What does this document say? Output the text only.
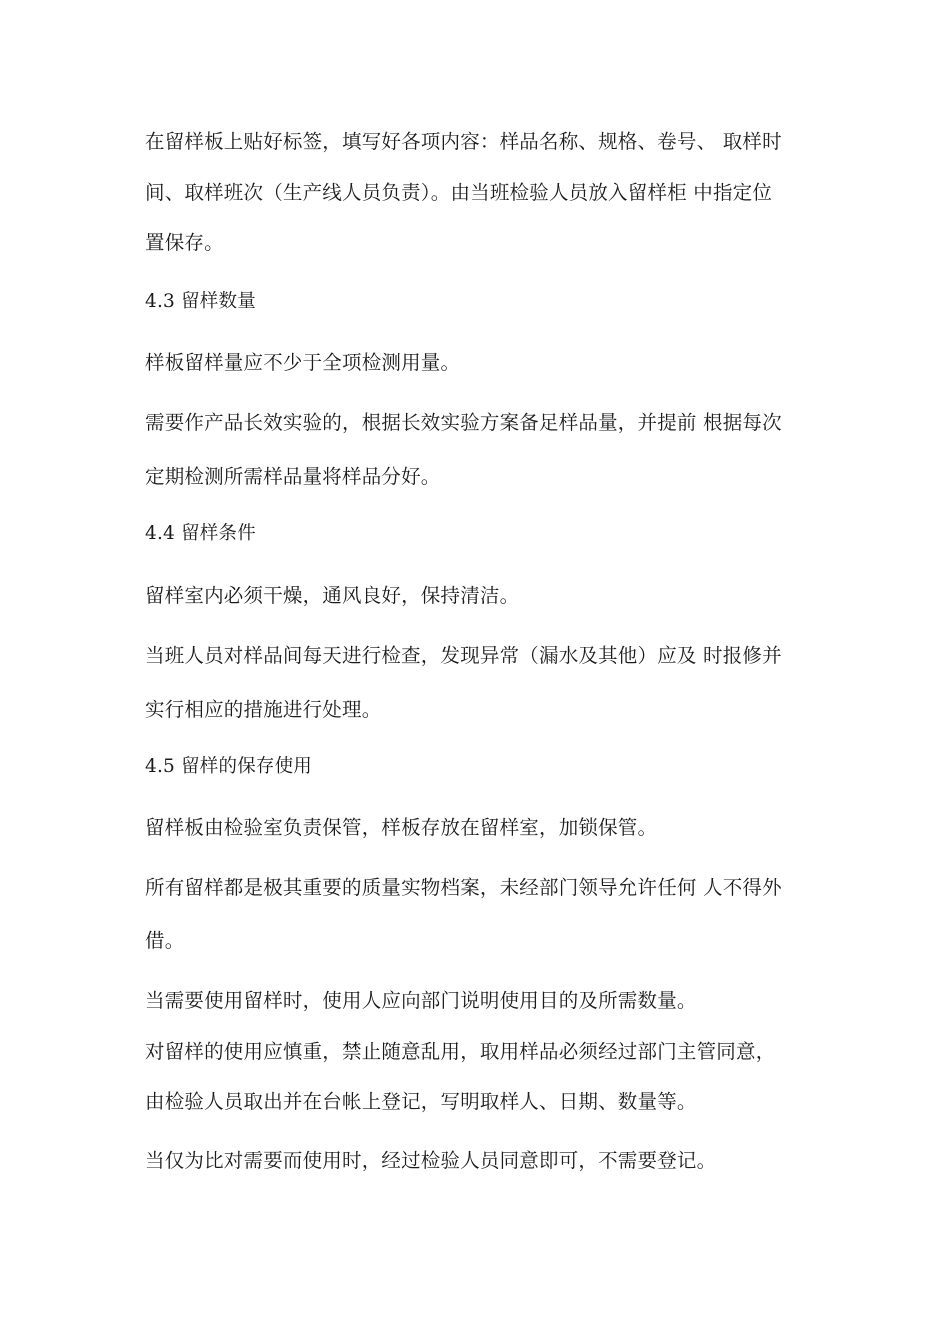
在留样板上贴好标签，填写好各项内容：样品名称、规格、卷号、 取样时
间、取样班次（生产线人员负责）。由当班检验人员放入留样柜 中指定位
置保存。
4.3 留样数量
样板留样量应不少于全项检测用量。
需要作产品长效实验的，根据长效实验方案备足样品量，并提前 根据每次
定期检测所需样品量将样品分好。
4.4 留样条件
留样室内必须干燥，通风良好，保持清洁。
当班人员对样品间每天进行检查，发现异常（漏水及其他）应及 时报修并
实行相应的措施进行处理。
4.5 留样的保存使用
留样板由检验室负责保管，样板存放在留样室，加锁保管。
所有留样都是极其重要的质量实物档案，未经部门领导允许任何 人不得外
借。
当需要使用留样时，使用人应向部门说明使用目的及所需数量。
对留样的使用应慎重，禁止随意乱用，取用样品必须经过部门主管同意，
由检验人员取出并在台帐上登记，写明取样人、日期、数量等。
当仅为比对需要而使用时，经过检验人员同意即可，不需要登记。
